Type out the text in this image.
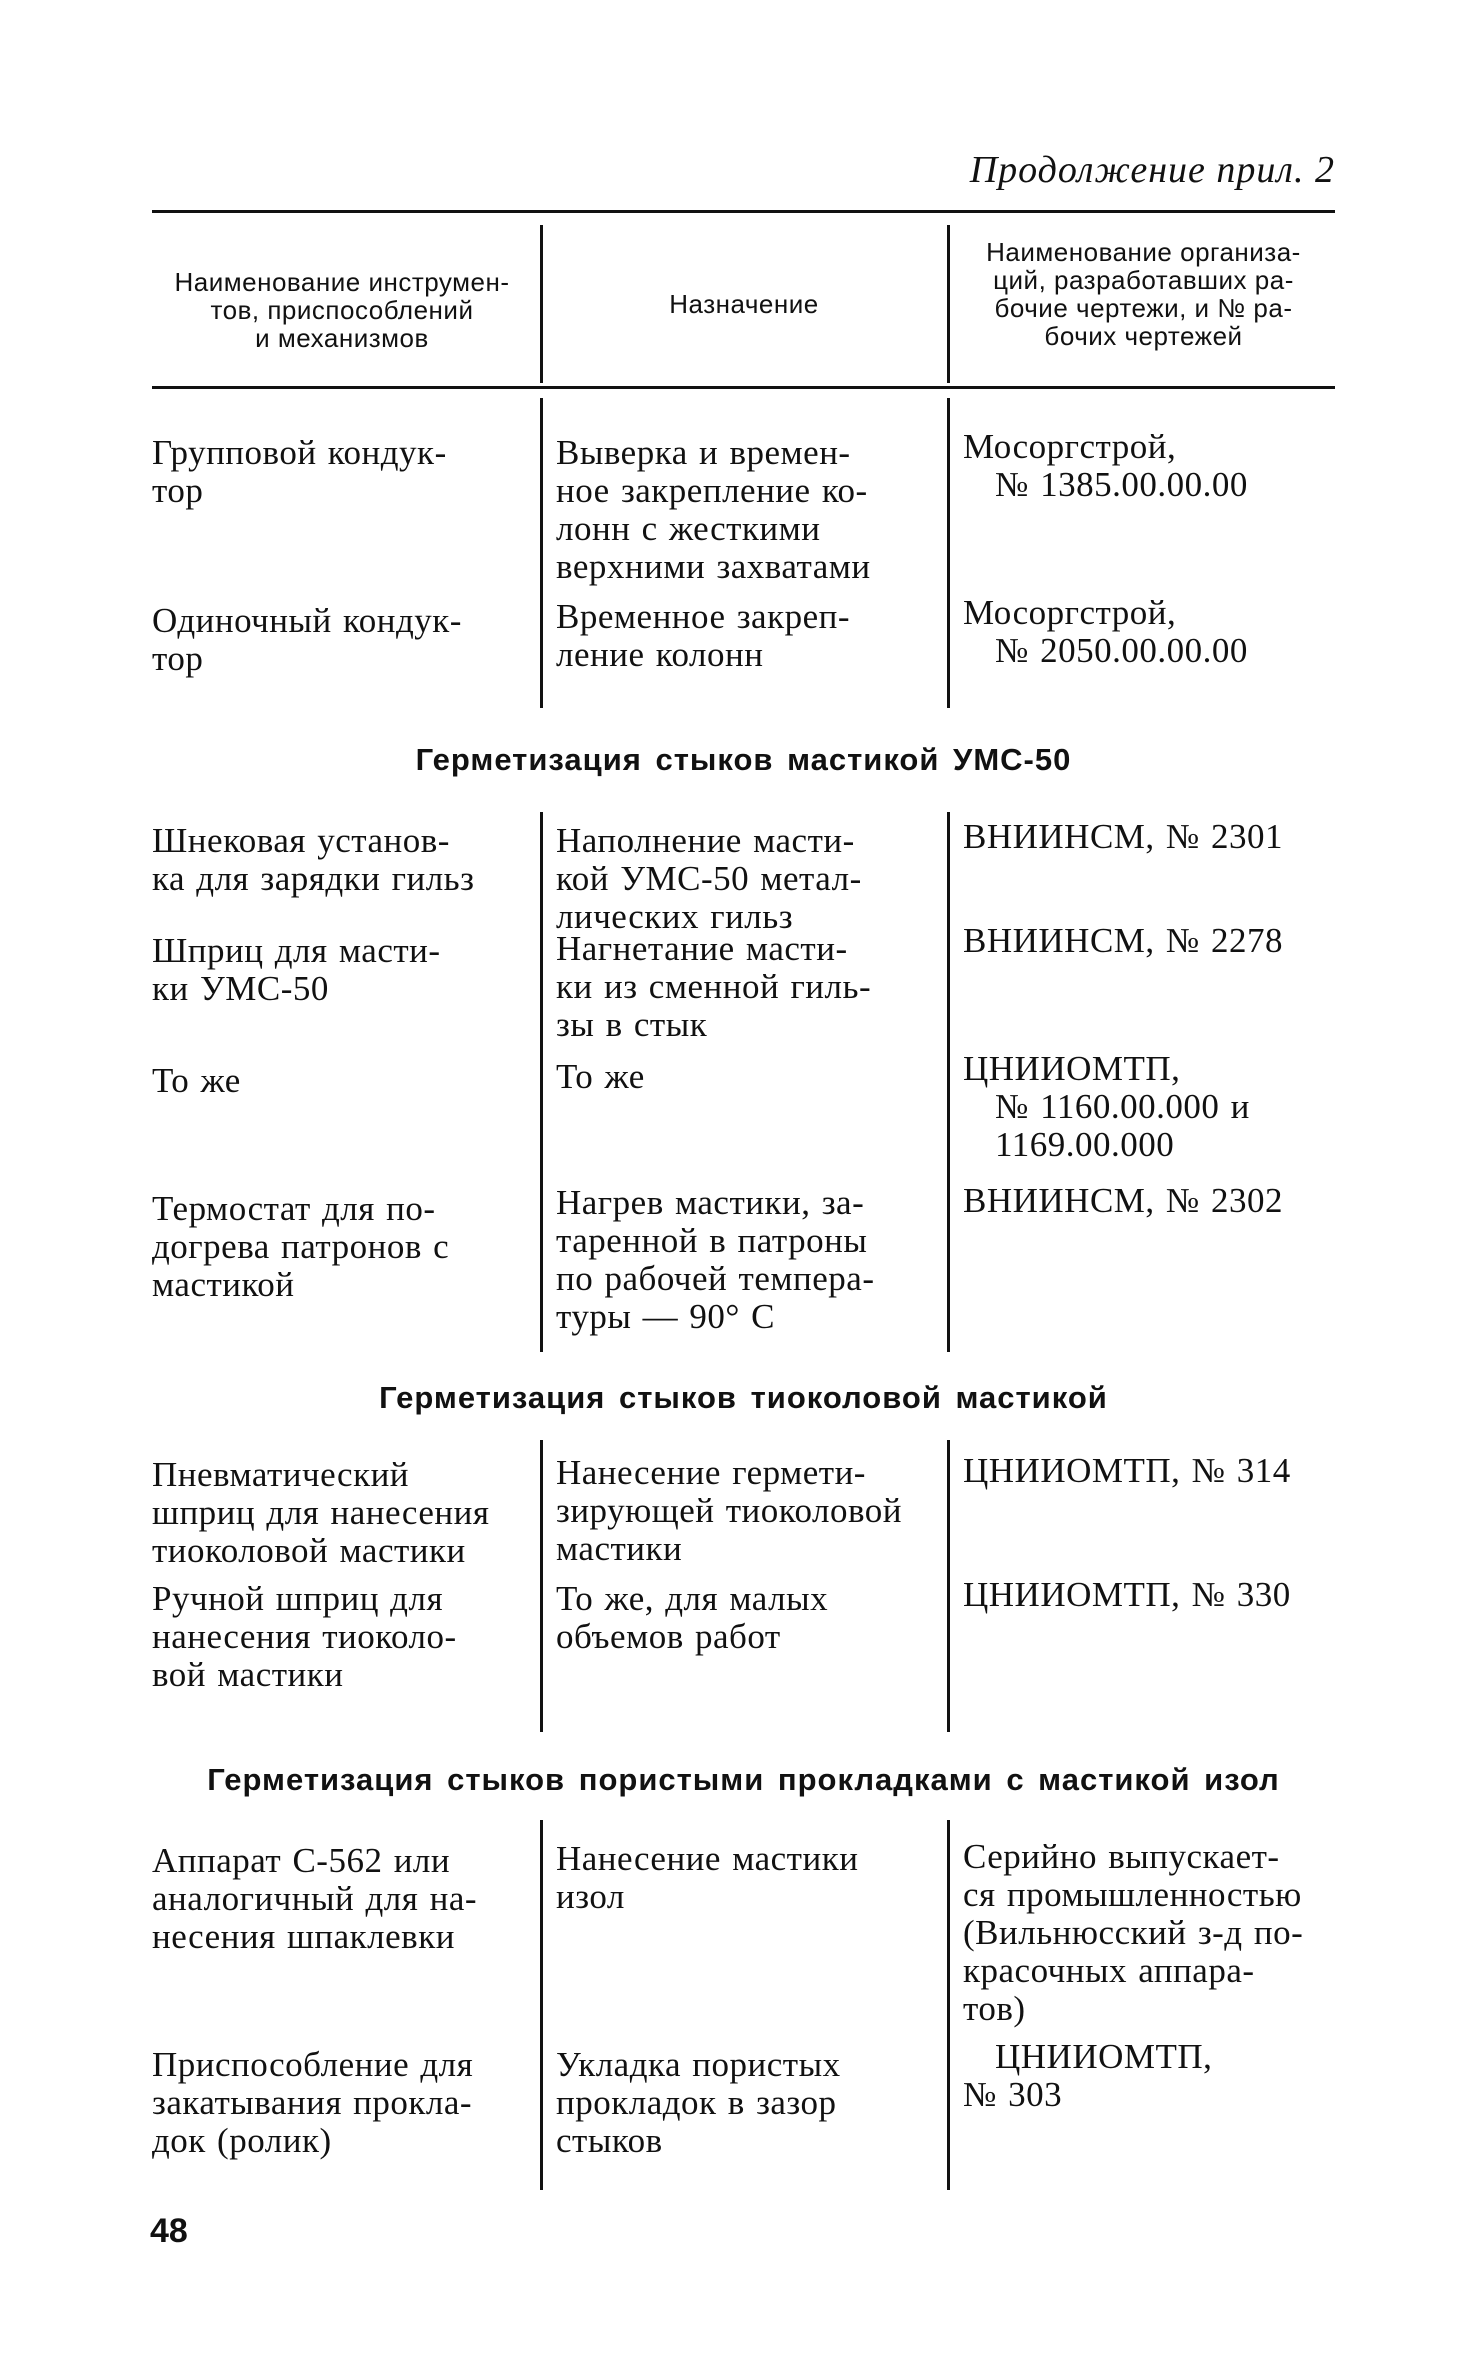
Продолжение прил. 2
Наименование инструмен-
тов, приспособлений
и механизмов
Назначение
Наименование организа-
ций, разработавших ра-
бочие чертежи, и № ра-
бочих чертежей
Групповой кондук-
тор
Выверка и времен-
ное закрепление ко-
лонн с жесткими
верхними захватами
Мосоргстрой,
№ 1385.00.00.00
Одиночный кондук-
тор
Временное закреп-
ление колонн
Мосоргстрой,
№ 2050.00.00.00
Герметизация стыков мастикой УМС-50
Шнековая установ-
ка для зарядки гильз
Наполнение масти-
кой УМС-50 метал-
лических гильз
ВНИИНСМ, № 2301
Шприц для масти-
ки УМС-50
Нагнетание масти-
ки из сменной гиль-
зы в стык
ВНИИНСМ, № 2278
То же	То же	ЦНИИОМТП,
№ 1160.00.000 и
1169.00.000
Термостат для по-
догрева патронов с
мастикой
Нагрев мастики, за-
таренной в патроны
по рабочей темпера-
туры — 90° С
ВНИИНСМ, № 2302
Герметизация стыков тиоколовой мастикой
Пневматический
шприц для нанесения
тиоколовой мастики
Нанесение гермети-
зирующей тиоколовой
мастики
ЦНИИОМТП, № 314
Ручной шприц для
нанесения тиоколо-
вой мастики
То же, для малых
объемов работ
ЦНИИОМТП, № 330
Герметизация стыков пористыми прокладками с мастикой изол
Аппарат С-562 или
аналогичный для на-
несения шпаклевки
Нанесение мастики
изол
Серийно выпускает-
ся промышленностью
(Вильнюсский з-д по-
красочных аппара-
тов)
Приспособление для
закатывания прокла-
док (ролик)
Укладка пористых
прокладок в зазор
стыков
ЦНИИОМТП,
№ 303
48
